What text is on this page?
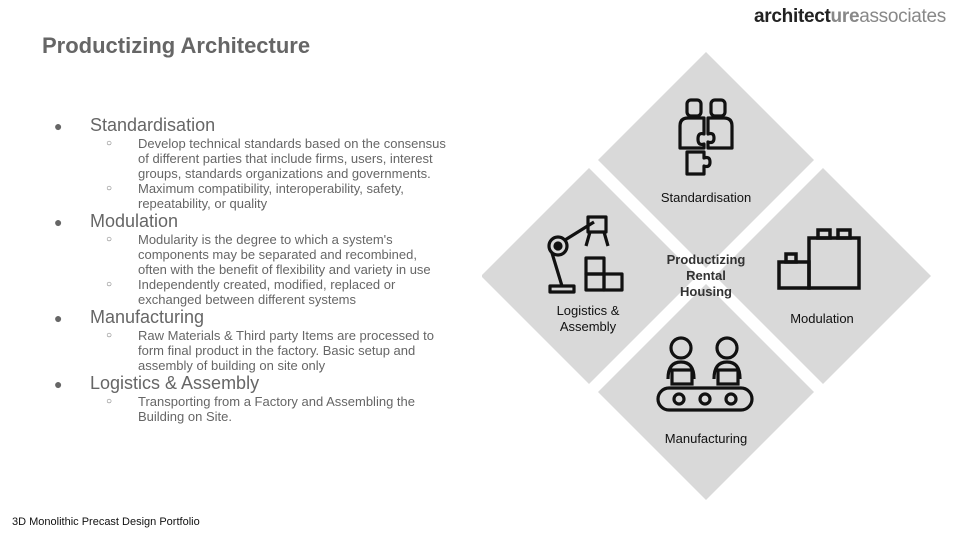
architectureassociates
Productizing Architecture
●	Standardisation
○	Develop technical standards based on the consensus of different parties that include firms, users, interest groups, standards organizations and governments.
○	Maximum compatibility, interoperability, safety, repeatability, or quality
●	Modulation
○	Modularity is the degree to which a system's components may be separated and recombined, often with the benefit of flexibility and variety in use
○	Independently created, modified, replaced or exchanged between different systems
●	Manufacturing
○	Raw Materials & Third party Items are processed to form final product in the factory. Basic setup and assembly of building on site only
●	Logistics & Assembly
○	Transporting from a Factory and Assembling the Building on Site.
Standardisation
Modulation
Manufacturing
Logistics &
Assembly
Productizing
Rental
Housing
3D Monolithic Precast Design Portfolio
